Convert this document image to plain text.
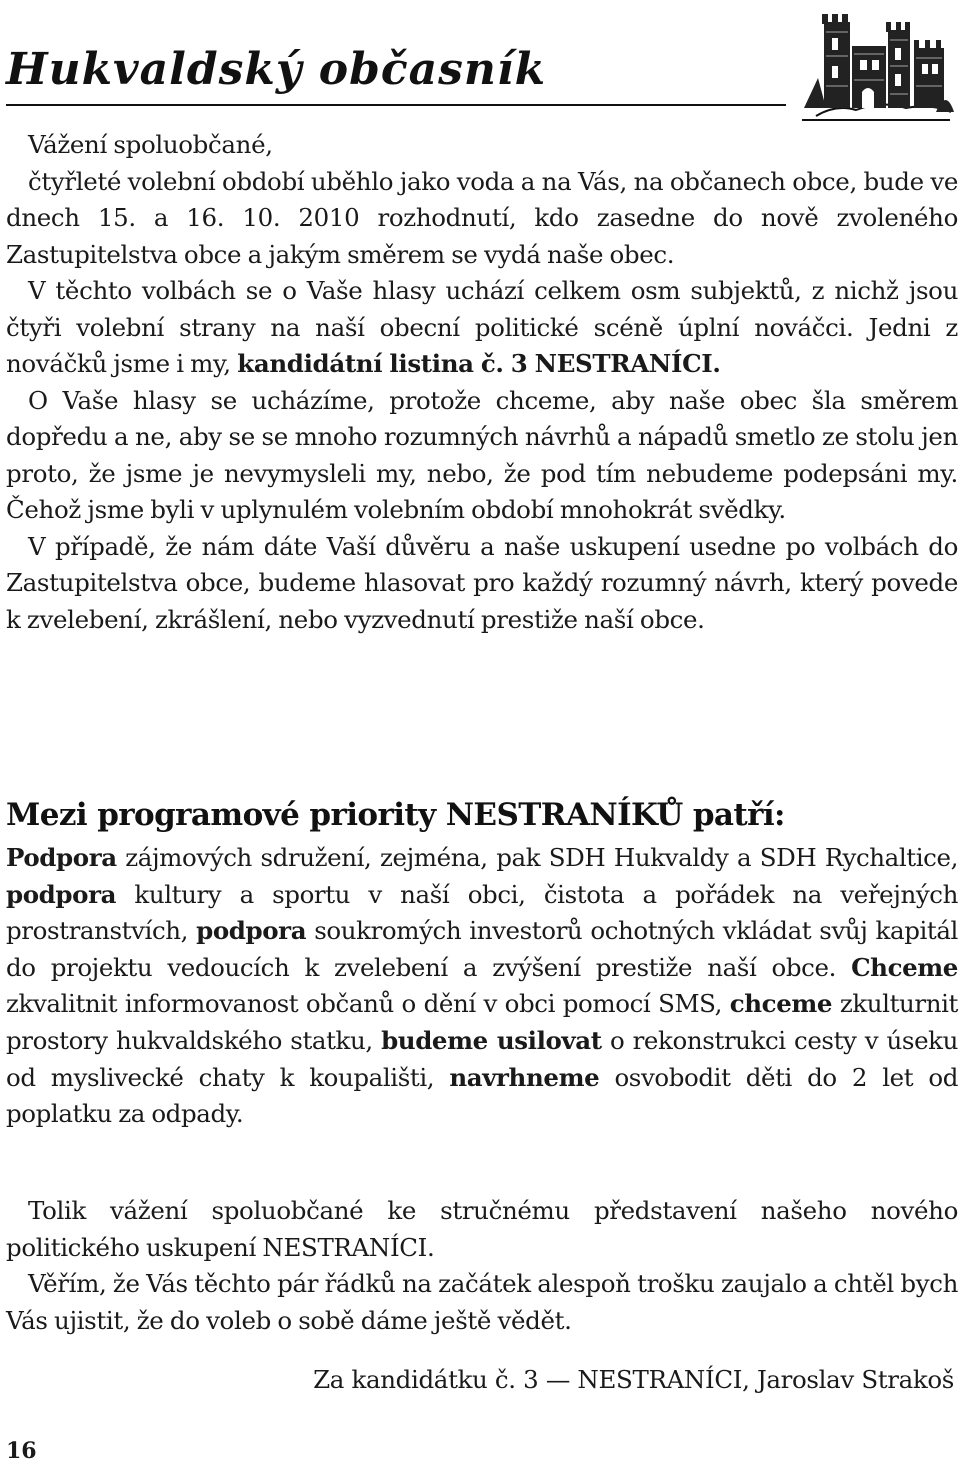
Hukvaldský občasník

Vážení spoluobčané,

čtyřleté volební období uběhlo jako voda a na Vás, na občanech obce, bude ve dnech 15. a 16. 10. 2010 rozhodnutí, kdo zasedne do nově zvoleného Zastupitelstva obce a jakým směrem se vydá naše obec.

V těchto volbách se o Vaše hlasy uchází celkem osm subjektů, z nichž jsou čtyři volební strany na naší obecní politické scéně úplní nováčci. Jedni z nováčků jsme i my, kandidátní listina č. 3 NESTRANÍCI.

O Vaše hlasy se ucházíme, protože chceme, aby naše obec šla směrem dopředu a ne, aby se se mnoho rozumných návrhů a nápadů smetlo ze stolu jen proto, že jsme je nevymysleli my, nebo, že pod tím nebudeme podepsáni my. Čehož jsme byli v uplynulém volebním období mnohokrát svědky.

V případě, že nám dáte Vaší důvěru a naše uskupení usedne po volbách do Zastupitelstva obce, budeme hlasovat pro každý rozumný návrh, který povede k zvelebení, zkrášlení, nebo vyzvednutí prestiže naší obce.

Mezi programové priority NESTRANÍKŮ patří:

Podpora zájmových sdružení, zejména, pak SDH Hukvaldy a SDH Rychaltice, podpora kultury a sportu v naší obci, čistota a pořádek na veřejných prostranstvích, podpora soukromých investorů ochotných vkládat svůj kapitál do projektu vedoucích k zvelebení a zvýšení prestiže naší obce. Chceme zkvalitnit informovanost občanů o dění v obci pomocí SMS, chceme zkulturnit prostory hukvaldského statku, budeme usilovat o rekonstrukci cesty v úseku od myslivecké chaty k koupališti, navrhneme osvobodit děti do 2 let od poplatku za odpady.

Tolik vážení spoluobčané ke stručnému představení našeho nového politického uskupení NESTRANÍCI.

Věřím, že Vás těchto pár řádků na začátek alespoň trošku zaujalo a chtěl bych Vás ujistit, že do voleb o sobě dáme ještě vědět.

Za kandidátku č. 3 — NESTRANÍCI, Jaroslav Strakoš
16
